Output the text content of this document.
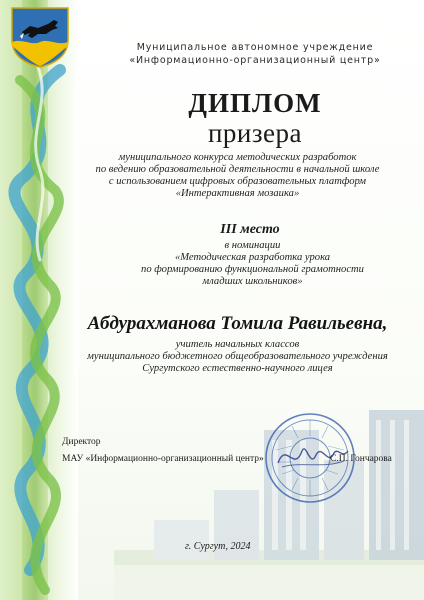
Муниципальное автономное учреждение
«Информационно-организационный центр»
ДИПЛОМ
призера
муниципального конкурса методических разработок
по ведению образовательной деятельности в начальной школе
с использованием цифровых образовательных платформ
«Интерактивная мозаика»
III место
в номинации
«Методическая разработка урока
по формированию функциональной грамотности
младших школьников»
Абдурахманова Томила Равильевна,
учитель начальных классов
муниципального бюджетного общеобразовательного учреждения
Сургутского естественно-научного лицея
Директор
МАУ «Информационно-организационный центр»	С.П. Гончарова
г. Сургут, 2024
